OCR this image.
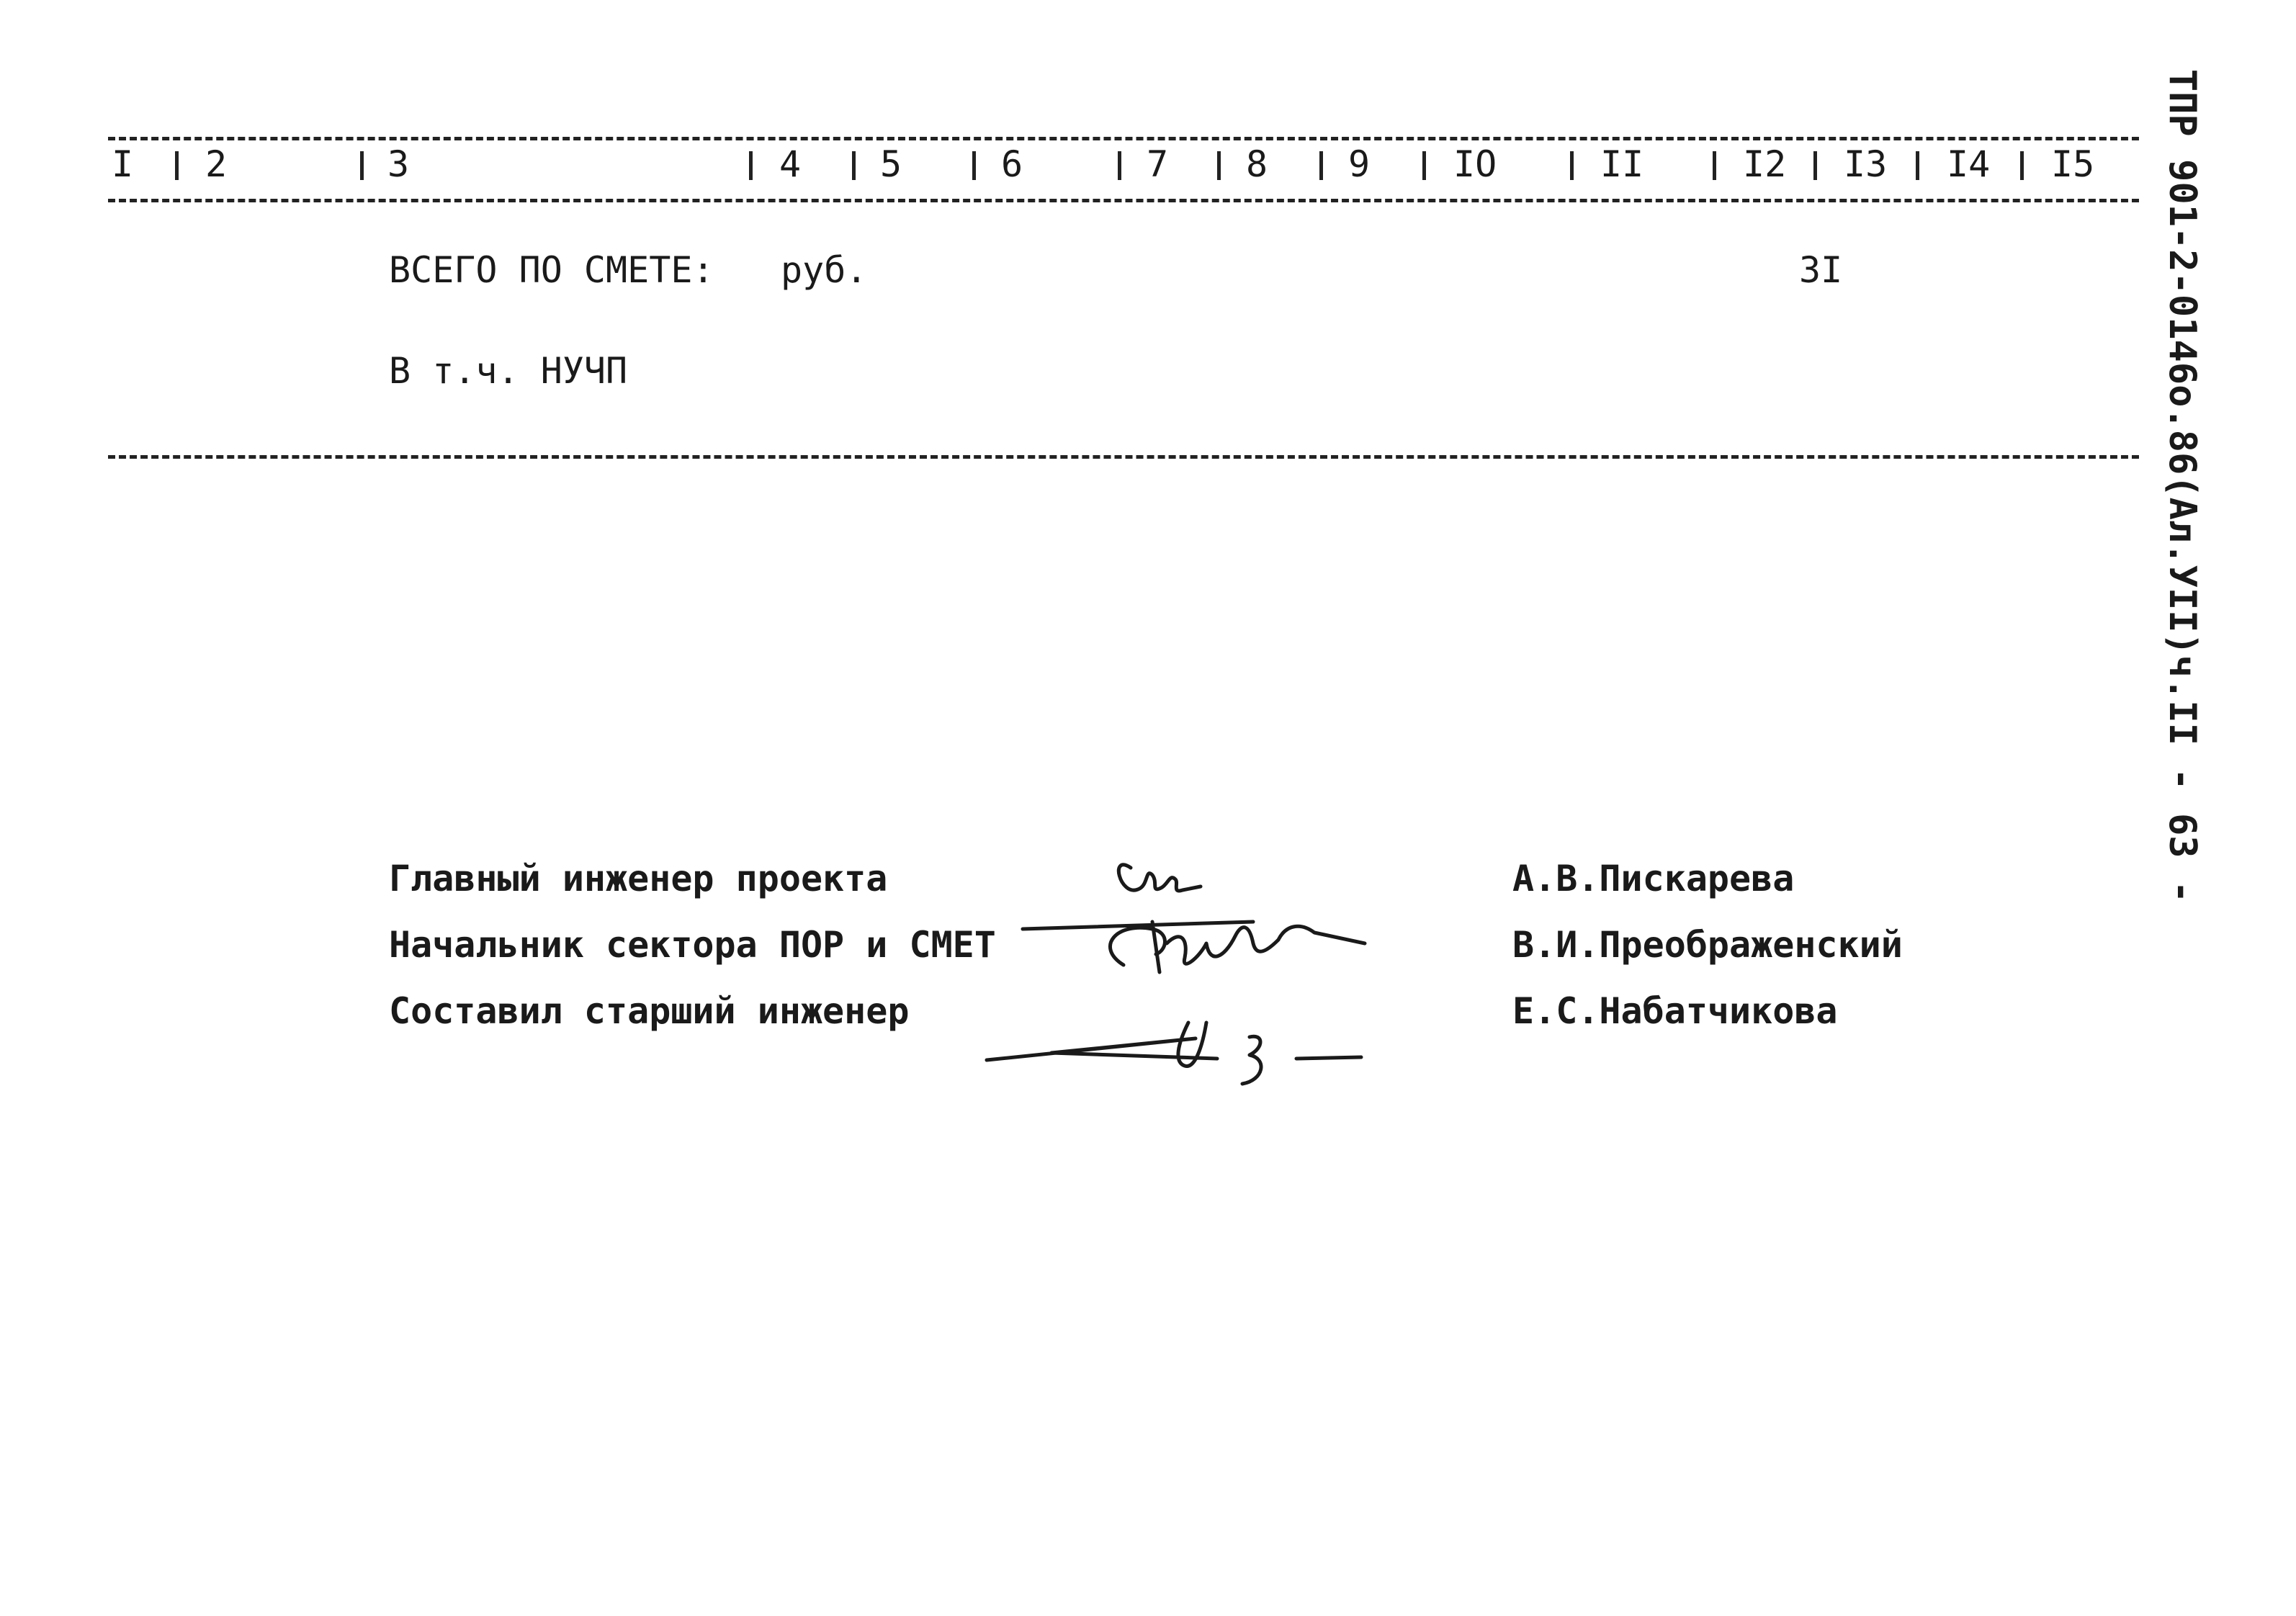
I 2	3	4 5	6	7 8 9 IO	II	I2 I3 I4 I5
ВСЕГО ПО СМЕТЕ: руб.	3I
В т.ч. НУЧП
Главный инженер проекта
Начальник сектора ПОР и СМЕТ
Составил старший инженер
А.В.Пискарева
В.И.Преображенский
Е.С.Набатчикова
ТПР 901-2-0146o.86(Ал.УII)ч.II - 63 -
